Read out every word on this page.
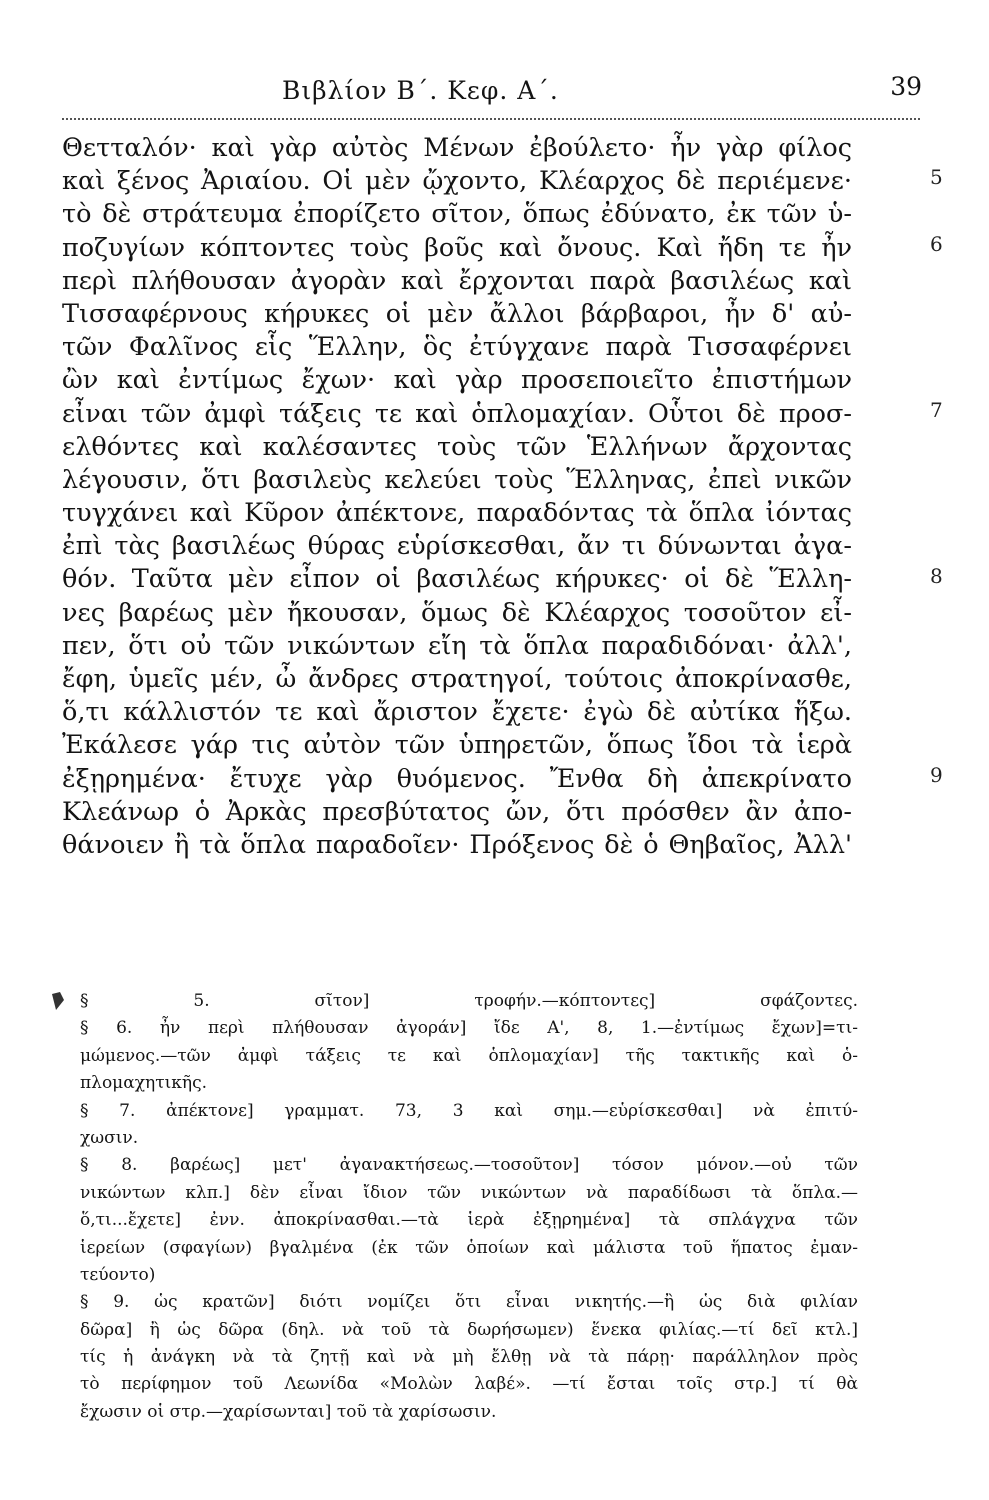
Βιβλίον Β΄. Κεφ. Α΄.	39
Θετταλόν· καὶ γὰρ αὐτὸς Μένων ἐβούλετο· ἦν γὰρ φίλος
καὶ ξένος Ἀριαίου. Οἱ μὲν ᾤχοντο, Κλέαρχος δὲ περιέμενε·
τὸ δὲ στράτευμα ἐπορίζετο σῖτον, ὅπως ἐδύνατο, ἐκ τῶν ὑ-
ποζυγίων κόπτοντες τοὺς βοῦς καὶ ὄνους. Καὶ ἤδη τε ἦν
περὶ πλήθουσαν ἀγορὰν καὶ ἔρχονται παρὰ βασιλέως καὶ
Τισσαφέρνους κήρυκες οἱ μὲν ἄλλοι βάρβαροι, ἦν δ' αὐ-
τῶν Φαλῖνος εἷς Ἕλλην, ὃς ἐτύγχανε παρὰ Τισσαφέρνει
ὢν καὶ ἐντίμως ἔχων· καὶ γὰρ προσεποιεῖτο ἐπιστήμων
εἶναι τῶν ἀμφὶ τάξεις τε καὶ ὁπλομαχίαν. Οὗτοι δὲ προσ-
ελθόντες καὶ καλέσαντες τοὺς τῶν Ἑλλήνων ἄρχοντας
λέγουσιν, ὅτι βασιλεὺς κελεύει τοὺς Ἕλληνας, ἐπεὶ νικῶν
τυγχάνει καὶ Κῦρον ἀπέκτονε, παραδόντας τὰ ὅπλα ἰόντας
ἐπὶ τὰς βασιλέως θύρας εὑρίσκεσθαι, ἄν τι δύνωνται ἀγα-
θόν. Ταῦτα μὲν εἶπον οἱ βασιλέως κήρυκες· οἱ δὲ Ἕλλη-
νες βαρέως μὲν ἤκουσαν, ὅμως δὲ Κλέαρχος τοσοῦτον εἶ-
πεν, ὅτι οὐ τῶν νικώντων εἴη τὰ ὅπλα παραδιδόναι· ἀλλ',
ἔφη, ὑμεῖς μέν, ὦ ἄνδρες στρατηγοί, τούτοις ἀποκρίνασθε,
ὅ,τι κάλλιστόν τε καὶ ἄριστον ἔχετε· ἐγὼ δὲ αὐτίκα ἥξω.
Ἐκάλεσε γάρ τις αὐτὸν τῶν ὑπηρετῶν, ὅπως ἴδοι τὰ ἱερὰ
ἐξῃρημένα· ἔτυχε γὰρ θυόμενος. Ἔνθα δὴ ἀπεκρίνατο
Κλεάνωρ ὁ Ἀρκὰς πρεσβύτατος ὤν, ὅτι πρόσθεν ἂν ἀπο-
θάνοιεν ἢ τὰ ὅπλα παραδοῖεν· Πρόξενος δὲ ὁ Θηβαῖος, Ἀλλ'
5
6
7
8
9
§ 5. σῖτον] τροφήν.—κόπτοντες] σφάζοντες.
§ 6. ἦν περὶ πλήθουσαν ἀγοράν] ἴδε Α', 8, 1.—ἐντίμως ἔχων]=τι-
μώμενος.—τῶν ἀμφὶ τάξεις τε καὶ ὁπλομαχίαν] τῆς τακτικῆς καὶ ὁ-
πλομαχητικῆς.
§ 7. ἀπέκτονε] γραμματ. 73, 3 καὶ σημ.—εὑρίσκεσθαι] νὰ ἐπιτύ-
χωσιν.
§ 8. βαρέως] μετ' ἀγανακτήσεως.—τοσοῦτον] τόσον μόνον.—οὐ τῶν
νικώντων κλπ.] δὲν εἶναι ἴδιον τῶν νικώντων νὰ παραδίδωσι τὰ ὅπλα.—
ὅ,τι...ἔχετε] ἐνν. ἀποκρίνασθαι.—τὰ ἱερὰ ἐξῃρημένα] τὰ σπλάγχνα τῶν
ἱερείων (σφαγίων) βγαλμένα (ἐκ τῶν ὁποίων καὶ μάλιστα τοῦ ἥπατος ἐμαν-
τεύοντο)
§ 9. ὡς κρατῶν] διότι νομίζει ὅτι εἶναι νικητής.—ἢ ὡς διὰ φιλίαν
δῶρα] ἢ ὡς δῶρα (δηλ. νὰ τοῦ τὰ δωρήσωμεν) ἕνεκα φιλίας.—τί δεῖ κτλ.]
τίς ἡ ἀνάγκη νὰ τὰ ζητῇ καὶ νὰ μὴ ἔλθῃ νὰ τὰ πάρῃ· παράλληλον πρὸς
τὸ περίφημον τοῦ Λεωνίδα «Μολὼν λαβέ». —τί ἔσται τοῖς στρ.] τί θὰ
ἔχωσιν οἱ στρ.—χαρίσωνται] τοῦ τὰ χαρίσωσιν.
